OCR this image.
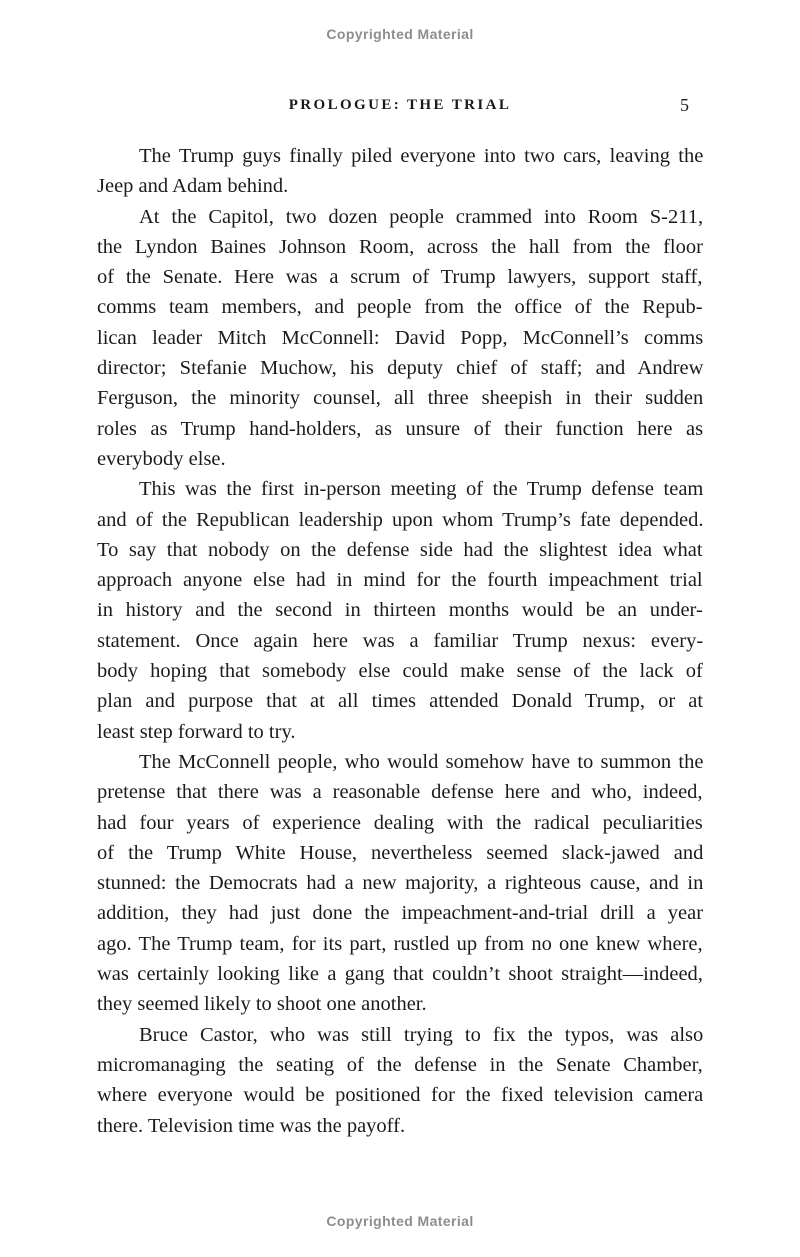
Copyrighted Material
PROLOGUE: THE TRIAL	5
The Trump guys finally piled everyone into two cars, leaving the
Jeep and Adam behind.
At the Capitol, two dozen people crammed into Room S-211,
the Lyndon Baines Johnson Room, across the hall from the floor
of the Senate. Here was a scrum of Trump lawyers, support staff,
comms team members, and people from the office of the Repub-
lican leader Mitch McConnell: David Popp, McConnell’s comms
director; Stefanie Muchow, his deputy chief of staff; and Andrew
Ferguson, the minority counsel, all three sheepish in their sudden
roles as Trump hand-holders, as unsure of their function here as
everybody else.
This was the first in-person meeting of the Trump defense team
and of the Republican leadership upon whom Trump’s fate depended.
To say that nobody on the defense side had the slightest idea what
approach anyone else had in mind for the fourth impeachment trial
in history and the second in thirteen months would be an under-
statement. Once again here was a familiar Trump nexus: every-
body hoping that somebody else could make sense of the lack of
plan and purpose that at all times attended Donald Trump, or at
least step forward to try.
The McConnell people, who would somehow have to summon the
pretense that there was a reasonable defense here and who, indeed,
had four years of experience dealing with the radical peculiarities
of the Trump White House, nevertheless seemed slack-jawed and
stunned: the Democrats had a new majority, a righteous cause, and in
addition, they had just done the impeachment-and-trial drill a year
ago. The Trump team, for its part, rustled up from no one knew where,
was certainly looking like a gang that couldn’t shoot straight—indeed,
they seemed likely to shoot one another.
Bruce Castor, who was still trying to fix the typos, was also
micromanaging the seating of the defense in the Senate Chamber,
where everyone would be positioned for the fixed television camera
there. Television time was the payoff.
Copyrighted Material
